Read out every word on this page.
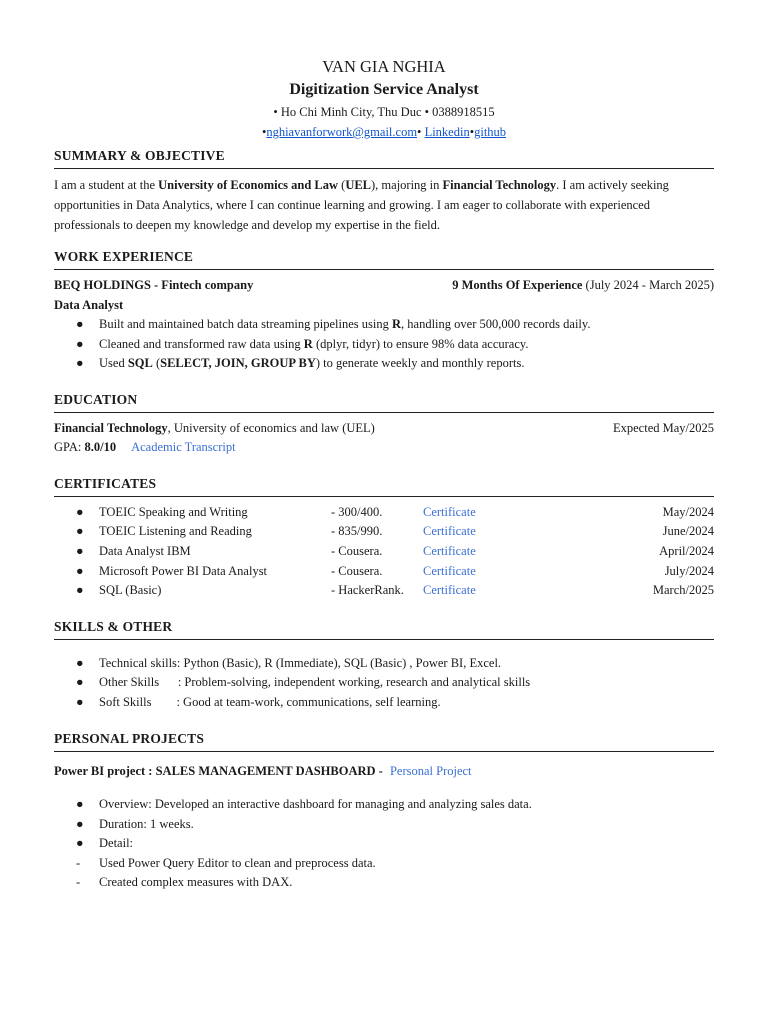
VAN GIA NGHIA
Digitization Service Analyst
• Ho Chi Minh City, Thu Duc • 0388918515
•nghiavanforwork@gmail.com• Linkedin•github
SUMMARY & OBJECTIVE

I am a student at the University of Economics and Law (UEL), majoring in Financial Technology. I am actively seeking opportunities in Data Analytics, where I can continue learning and growing. I am eager to collaborate with experienced professionals to deepen my knowledge and develop my expertise in the field.

WORK EXPERIENCE
BEQ HOLDINGS - Fintech company	9 Months Of Experience (July 2024 - March 2025)
Data Analyst
● Built and maintained batch data streaming pipelines using R, handling over 500,000 records daily.
● Cleaned and transformed raw data using R (dplyr, tidyr) to ensure 98% data accuracy.
● Used SQL (SELECT, JOIN, GROUP BY) to generate weekly and monthly reports.
EDUCATION
Financial Technology, University of economics and law (UEL)	Expected May/2025
GPA: 8.0/10 Academic Transcript
CERTIFICATES
● TOEIC Speaking and Writing	- 300/400.	Certificate	May/2024
● TOEIC Listening and Reading	- 835/990.	Certificate	June/2024
● Data Analyst IBM	- Cousera.	Certificate	April/2024
● Microsoft Power BI Data Analyst	- Cousera.	Certificate	July/2024
● SQL (Basic)	- HackerRank.	Certificate	March/2025
SKILLS & OTHER
● Technical skills: Python (Basic), R (Immediate), SQL (Basic) , Power BI, Excel.
● Other Skills      : Problem-solving, independent working, research and analytical skills
● Soft Skills        : Good at team-work, communications, self learning.
PERSONAL PROJECTS
Power BI project : SALES MANAGEMENT DASHBOARD - Personal Project
● Overview: Developed an interactive dashboard for managing and analyzing sales data.
● Duration: 1 weeks.
● Detail:
- Used Power Query Editor to clean and preprocess data.
- Created complex measures with DAX.
